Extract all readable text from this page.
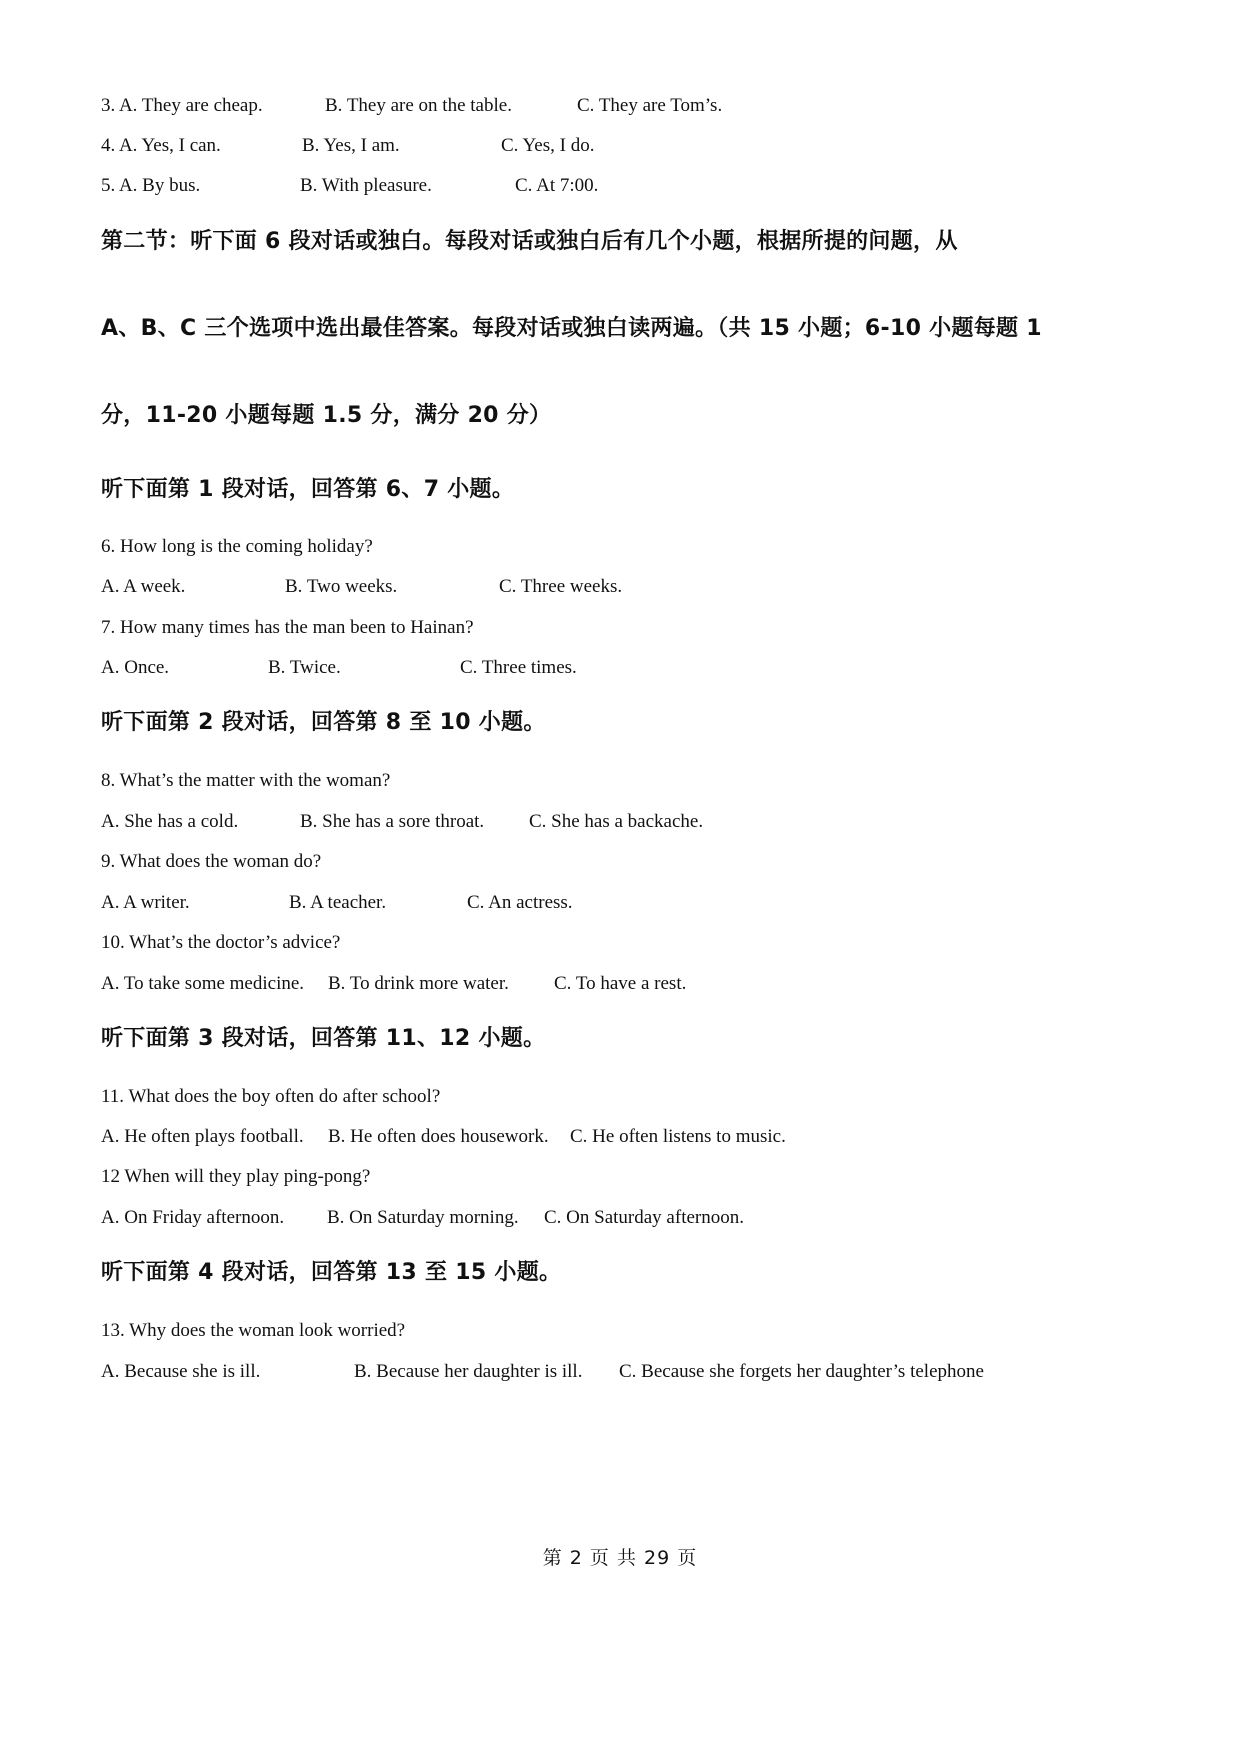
3. A. They are cheap.	B. They are on the table.	C. They are Tom’s.
4. A. Yes, I can.	B. Yes, I am.	C. Yes, I do.
5. A. By bus.	B. With pleasure.	C. At 7:00.
第二节：听下面 6 段对话或独白。每段对话或独白后有几个小题，根据所提的问题，从
A、B、C 三个选项中选出最佳答案。每段对话或独白读两遍。（共 15 小题；6-10 小题每题 1
分，11-20 小题每题 1.5 分，满分 20 分）
听下面第 1 段对话，回答第 6、7 小题。
6. How long is the coming holiday?
A. A week.	B. Two weeks.	C. Three weeks.
7. How many times has the man been to Hainan?
A. Once.	B. Twice.	C. Three times.
听下面第 2 段对话，回答第 8 至 10 小题。
8. What’s the matter with the woman?
A. She has a cold.	B. She has a sore throat. C. She has a backache.
9. What does the woman do?
A. A writer.	B. A teacher.	C. An actress.
10. What’s the doctor’s advice?
A. To take some medicine. B. To drink more water. C. To have a rest.
听下面第 3 段对话，回答第 11、12 小题。
11. What does the boy often do after school?
A. He often plays football. B. He often does housework. C. He often listens to music.
12 When will they play ping-pong?
A. On Friday afternoon. B. On Saturday morning. C. On Saturday afternoon.
听下面第 4 段对话，回答第 13 至 15 小题。
13. Why does the woman look worried?
A. Because she is ill.	B. Because her daughter is ill. C. Because she forgets her daughter’s telephone
第 2 页 共 29 页
